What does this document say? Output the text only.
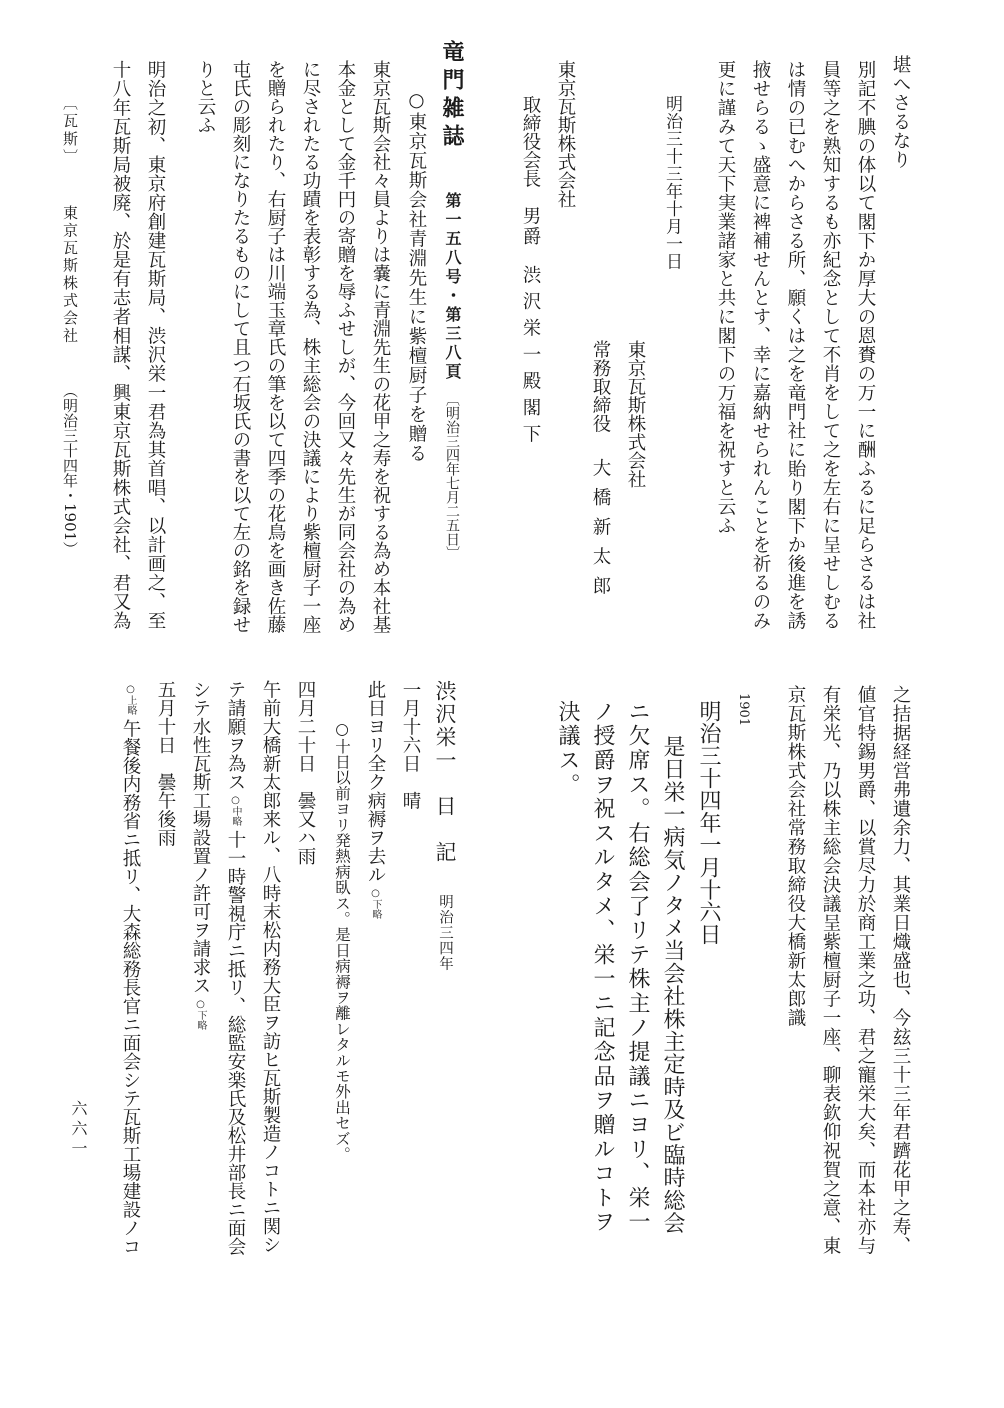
堪へさるなり
別記不腆の体以て閣下か厚大の恩賚の万一に酬ふるに足らさるは社
員等之を熟知するも亦紀念として不肖をして之を左右に呈せしむる
は情の已むへからさる所、願くは之を竜門社に貽り閣下か後進を誘
掖せらるゝ盛意に裨補せんとす、幸に嘉納せられんことを祈るのみ
更に謹みて天下実業諸家と共に閣下の万福を祝すと云ふ
明治三十三年十月一日
東京瓦斯株式会社
常務取締役大橋新太郎
東京瓦斯株式会社
取締役会長男爵渋沢栄一殿閣下
竜門雑誌第一五八号・第三八頁〔明治三四年七月二五日〕
○東京瓦斯会社青淵先生に紫檀厨子を贈る
東京瓦斯会社々員よりは嚢に青淵先生の花甲之寿を祝する為め本社基
本金として金千円の寄贈を辱ふせしが、今回又々先生が同会社の為め
に尽されたる功蹟を表彰する為、株主総会の決議により紫檀厨子一座
を贈られたり、右厨子は川端玉章氏の筆を以て四季の花鳥を画き佐藤
屯氏の彫刻になりたるものにして且つ石坂氏の書を以て左の銘を録せ
りと云ふ
明治之初、東京府創建瓦斯局、渋沢栄一君為其首唱、以計画之、至
十八年瓦斯局被廃、於是有志者相謀、興東京瓦斯株式会社、君又為
〔瓦斯〕東京瓦斯株式会社（明治三十四年・1901）
之拮据経営弗遺余力、其業日熾盛也、今玆三十三年君躋花甲之寿、
値官特錫男爵、以賞尽力於商工業之功、君之寵栄大矣、而本社亦与
有栄光、乃以株主総会決議呈紫檀厨子一座、聊表欽仰祝賀之意、東
京瓦斯株式会社常務取締役大橋新太郎識
1901
明治三十四年一月十六日
是日栄一病気ノタメ当会社株主定時及ビ臨時総会
ニ欠席ス。右総会了リテ株主ノ提議ニヨリ、栄一
ノ授爵ヲ祝スルタメ、栄一ニ記念品ヲ贈ルコトヲ
決議ス。
渋沢栄一　日　記明治三四年
一月十六日　晴
此日ヨリ全ク病褥ヲ去ル○下略
○十日以前ヨリ発熱病臥ス。是日病褥ヲ離レタルモ外出セズ。
四月二十日　曇又ハ雨
午前大橋新太郎来ル、八時末松内務大臣ヲ訪ヒ瓦斯製造ノコトニ関シ
テ請願ヲ為ス○中略十一時警視庁ニ抵リ、総監安楽氏及松井部長ニ面会
シテ水性瓦斯工場設置ノ許可ヲ請求ス○下略
五月十日　曇午後雨
○上略午餐後内務省ニ抵リ、大森総務長官ニ面会シテ瓦斯工場建設ノコ
六六一
